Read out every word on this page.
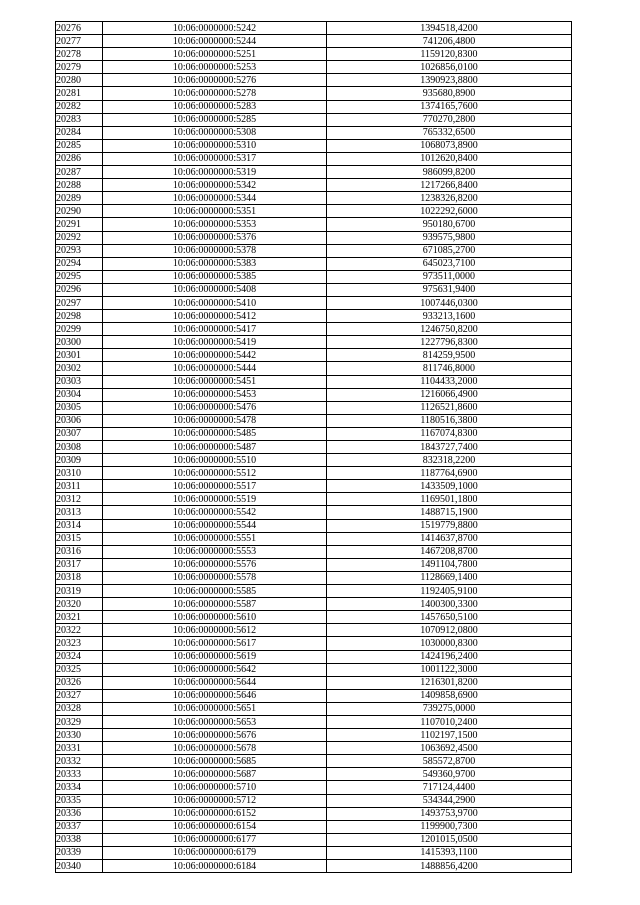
20276	10:06:0000000:5242	1394518,4200
20277	10:06:0000000:5244	741206,4800
20278	10:06:0000000:5251	1159120,8300
20279	10:06:0000000:5253	1026856,0100
20280	10:06:0000000:5276	1390923,8800
20281	10:06:0000000:5278	935680,8900
20282	10:06:0000000:5283	1374165,7600
20283	10:06:0000000:5285	770270,2800
20284	10:06:0000000:5308	765332,6500
20285	10:06:0000000:5310	1068073,8900
20286	10:06:0000000:5317	1012620,8400
20287	10:06:0000000:5319	986099,8200
20288	10:06:0000000:5342	1217266,8400
20289	10:06:0000000:5344	1238326,8200
20290	10:06:0000000:5351	1022292,6000
20291	10:06:0000000:5353	950180,6700
20292	10:06:0000000:5376	939575,9800
20293	10:06:0000000:5378	671085,2700
20294	10:06:0000000:5383	645023,7100
20295	10:06:0000000:5385	973511,0000
20296	10:06:0000000:5408	975631,9400
20297	10:06:0000000:5410	1007446,0300
20298	10:06:0000000:5412	933213,1600
20299	10:06:0000000:5417	1246750,8200
20300	10:06:0000000:5419	1227796,8300
20301	10:06:0000000:5442	814259,9500
20302	10:06:0000000:5444	811746,8000
20303	10:06:0000000:5451	1104433,2000
20304	10:06:0000000:5453	1216066,4900
20305	10:06:0000000:5476	1126521,8600
20306	10:06:0000000:5478	1180516,3800
20307	10:06:0000000:5485	1167074,8300
20308	10:06:0000000:5487	1843727,7400
20309	10:06:0000000:5510	832318,2200
20310	10:06:0000000:5512	1187764,6900
20311	10:06:0000000:5517	1433509,1000
20312	10:06:0000000:5519	1169501,1800
20313	10:06:0000000:5542	1488715,1900
20314	10:06:0000000:5544	1519779,8800
20315	10:06:0000000:5551	1414637,8700
20316	10:06:0000000:5553	1467208,8700
20317	10:06:0000000:5576	1491104,7800
20318	10:06:0000000:5578	1128669,1400
20319	10:06:0000000:5585	1192405,9100
20320	10:06:0000000:5587	1400300,3300
20321	10:06:0000000:5610	1457650,5100
20322	10:06:0000000:5612	1070912,0800
20323	10:06:0000000:5617	1030000,8300
20324	10:06:0000000:5619	1424196,2400
20325	10:06:0000000:5642	1001122,3000
20326	10:06:0000000:5644	1216301,8200
20327	10:06:0000000:5646	1409858,6900
20328	10:06:0000000:5651	739275,0000
20329	10:06:0000000:5653	1107010,2400
20330	10:06:0000000:5676	1102197,1500
20331	10:06:0000000:5678	1063692,4500
20332	10:06:0000000:5685	585572,8700
20333	10:06:0000000:5687	549360,9700
20334	10:06:0000000:5710	717124,4400
20335	10:06:0000000:5712	534344,2900
20336	10:06:0000000:6152	1493753,9700
20337	10:06:0000000:6154	1199900,7300
20338	10:06:0000000:6177	1201015,0500
20339	10:06:0000000:6179	1415393,1100
20340	10:06:0000000:6184	1488856,4200
